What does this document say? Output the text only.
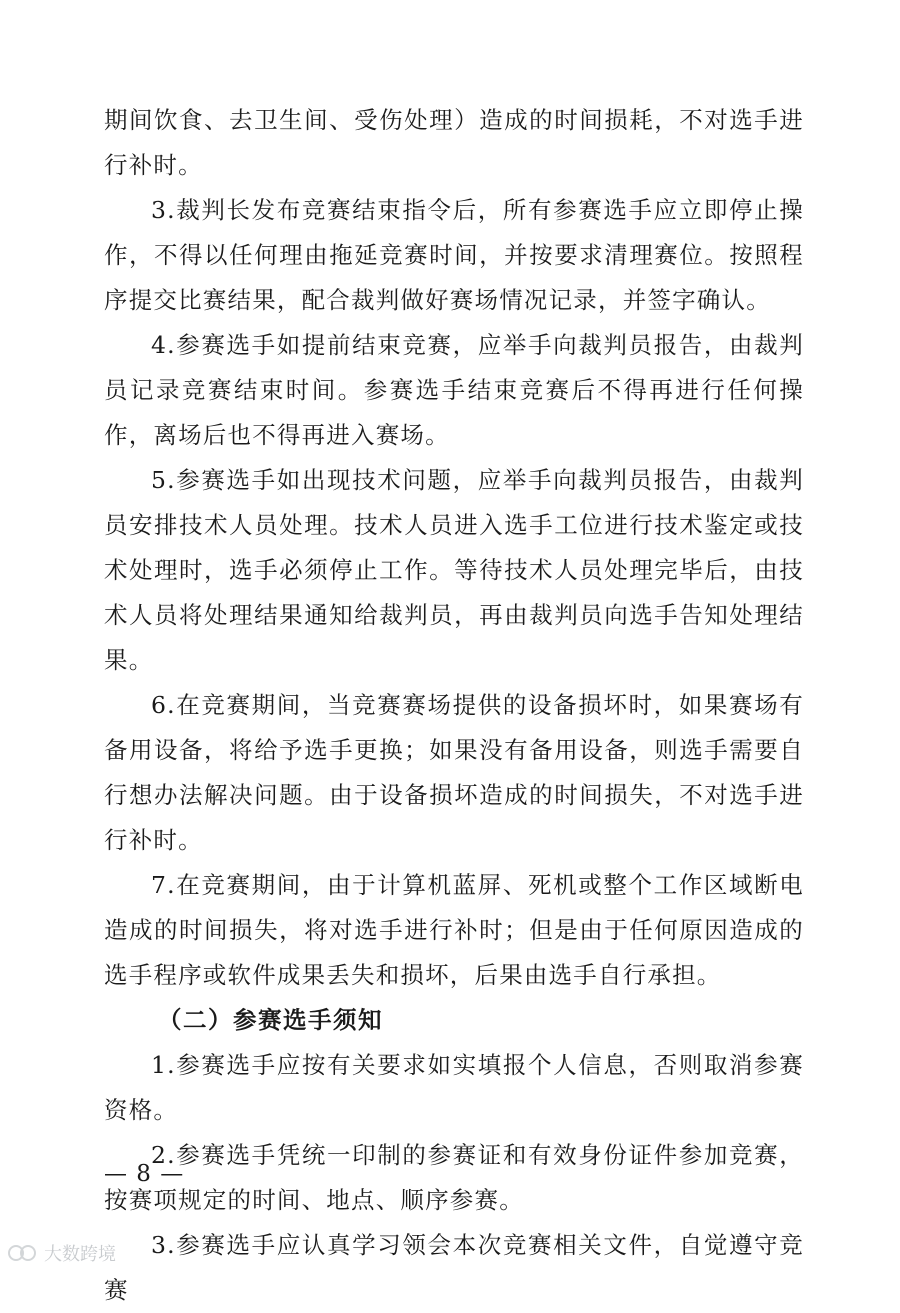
期间饮食、去卫生间、受伤处理）造成的时间损耗，不对选手进行补时。

3.裁判长发布竞赛结束指令后，所有参赛选手应立即停止操作，不得以任何理由拖延竞赛时间，并按要求清理赛位。按照程序提交比赛结果，配合裁判做好赛场情况记录，并签字确认。

4.参赛选手如提前结束竞赛，应举手向裁判员报告，由裁判员记录竞赛结束时间。参赛选手结束竞赛后不得再进行任何操作，离场后也不得再进入赛场。

5.参赛选手如出现技术问题，应举手向裁判员报告，由裁判员安排技术人员处理。技术人员进入选手工位进行技术鉴定或技术处理时，选手必须停止工作。等待技术人员处理完毕后，由技术人员将处理结果通知给裁判员，再由裁判员向选手告知处理结果。

6.在竞赛期间，当竞赛赛场提供的设备损坏时，如果赛场有备用设备，将给予选手更换；如果没有备用设备，则选手需要自行想办法解决问题。由于设备损坏造成的时间损失，不对选手进行补时。

7.在竞赛期间，由于计算机蓝屏、死机或整个工作区域断电造成的时间损失，将对选手进行补时；但是由于任何原因造成的选手程序或软件成果丢失和损坏，后果由选手自行承担。

（二）参赛选手须知

1.参赛选手应按有关要求如实填报个人信息，否则取消参赛资格。

2.参赛选手凭统一印制的参赛证和有效身份证件参加竞赛，按赛项规定的时间、地点、顺序参赛。

3.参赛选手应认真学习领会本次竞赛相关文件，自觉遵守竞赛

— 8 —
大数跨境
